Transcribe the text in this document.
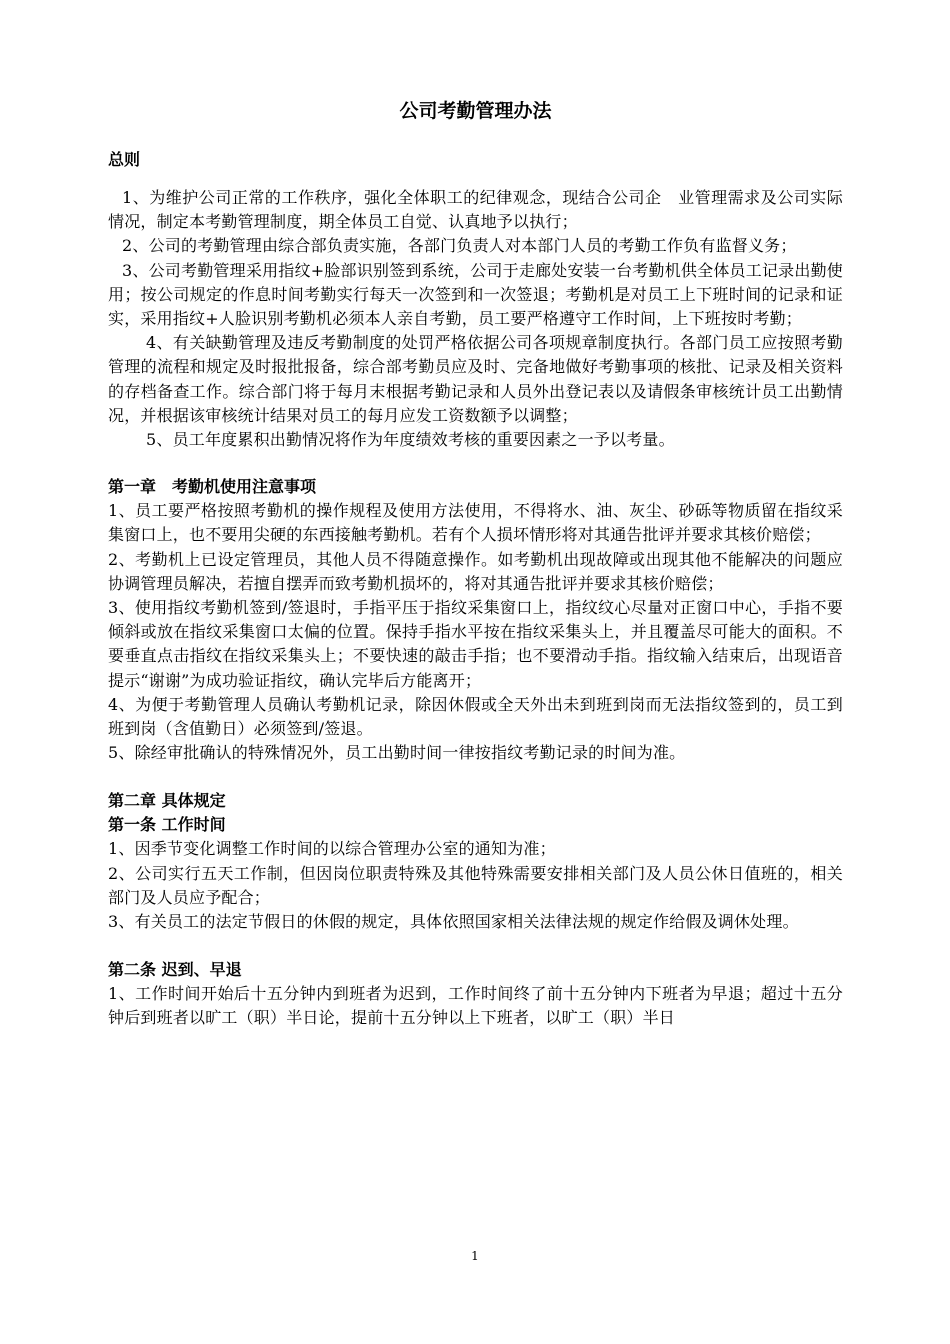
公司考勤管理办法

总则

1、为维护公司正常的工作秩序，强化全体职工的纪律观念，现结合公司企　业管理需求及公司实际情况，制定本考勤管理制度，期全体员工自觉、认真地予以执行；

2、公司的考勤管理由综合部负责实施，各部门负责人对本部门人员的考勤工作负有监督义务；

3、公司考勤管理采用指纹+脸部识别签到系统，公司于走廊处安装一台考勤机供全体员工记录出勤使用；按公司规定的作息时间考勤实行每天一次签到和一次签退；考勤机是对员工上下班时间的记录和证实，采用指纹+人脸识别考勤机必须本人亲自考勤，员工要严格遵守工作时间，上下班按时考勤；

4、有关缺勤管理及违反考勤制度的处罚严格依据公司各项规章制度执行。各部门员工应按照考勤管理的流程和规定及时报批报备，综合部考勤员应及时、完备地做好考勤事项的核批、记录及相关资料的存档备查工作。综合部门将于每月末根据考勤记录和人员外出登记表以及请假条审核统计员工出勤情况，并根据该审核统计结果对员工的每月应发工资数额予以调整；

5、员工年度累积出勤情况将作为年度绩效考核的重要因素之一予以考量。

第一章　考勤机使用注意事项

1、员工要严格按照考勤机的操作规程及使用方法使用，不得将水、油、灰尘、砂砾等物质留在指纹采集窗口上，也不要用尖硬的东西接触考勤机。若有个人损坏情形将对其通告批评并要求其核价赔偿；

2、考勤机上已设定管理员，其他人员不得随意操作。如考勤机出现故障或出现其他不能解决的问题应协调管理员解决，若擅自摆弄而致考勤机损坏的，将对其通告批评并要求其核价赔偿；

3、使用指纹考勤机签到/签退时，手指平压于指纹采集窗口上，指纹纹心尽量对正窗口中心，手指不要倾斜或放在指纹采集窗口太偏的位置。保持手指水平按在指纹采集头上，并且覆盖尽可能大的面积。不要垂直点击指纹在指纹采集头上；不要快速的敲击手指；也不要滑动手指。指纹输入结束后，出现语音提示“谢谢”为成功验证指纹，确认完毕后方能离开；

4、为便于考勤管理人员确认考勤机记录，除因休假或全天外出未到班到岗而无法指纹签到的，员工到班到岗（含值勤日）必须签到/签退。

5、除经审批确认的特殊情况外，员工出勤时间一律按指纹考勤记录的时间为准。

第二章 具体规定

第一条 工作时间

1、因季节变化调整工作时间的以综合管理办公室的通知为准；

2、公司实行五天工作制，但因岗位职责特殊及其他特殊需要安排相关部门及人员公休日值班的，相关部门及人员应予配合；

3、有关员工的法定节假日的休假的规定，具体依照国家相关法律法规的规定作给假及调休处理。

第二条 迟到、早退

1、工作时间开始后十五分钟内到班者为迟到，工作时间终了前十五分钟内下班者为早退；超过十五分钟后到班者以旷工（职）半日论，提前十五分钟以上下班者，以旷工（职）半日

1
